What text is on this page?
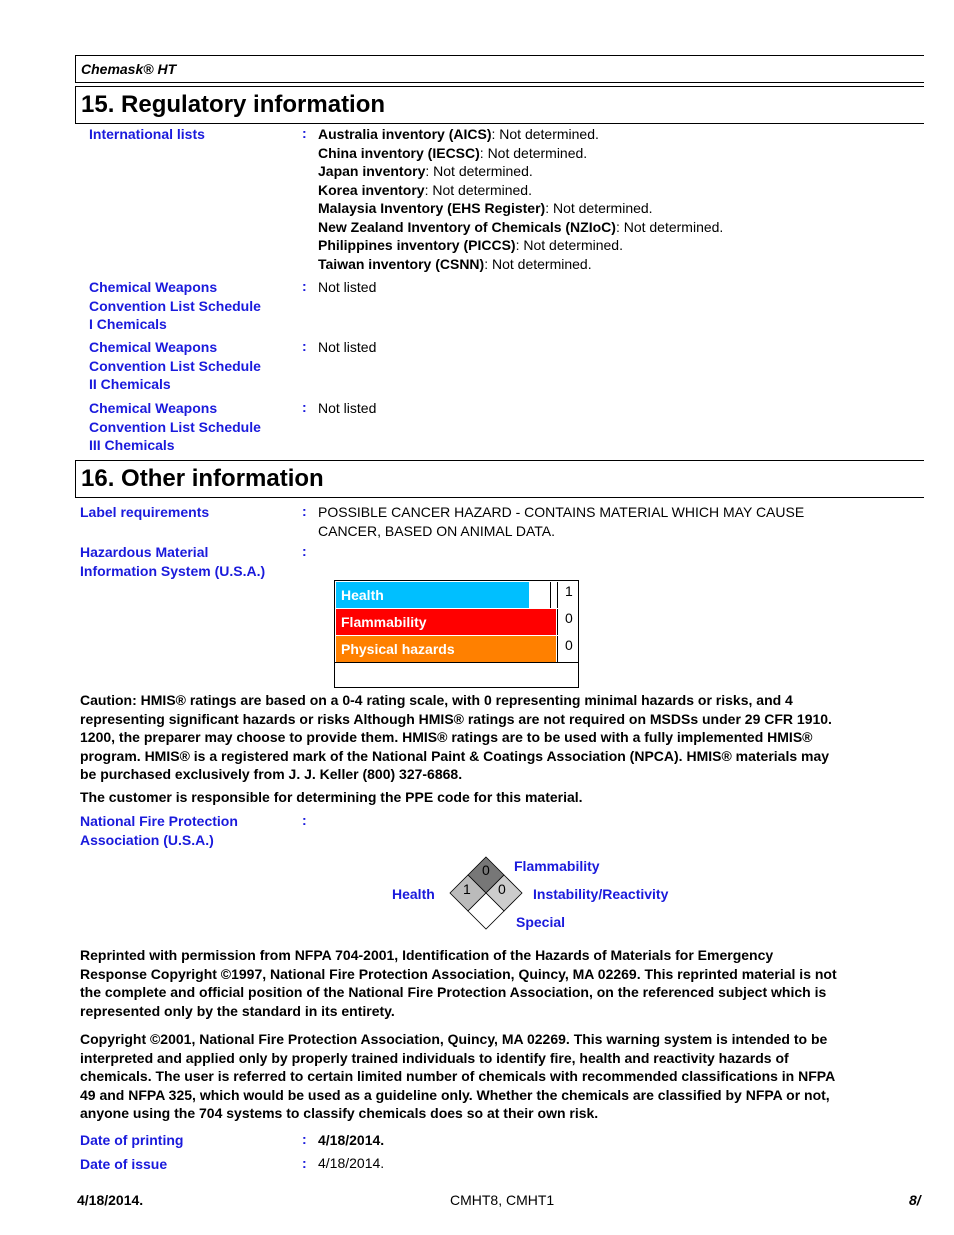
Chemask® HT
15. Regulatory information
International lists	: Australia inventory (AICS): Not determined.
China inventory (IECSC): Not determined.
Japan inventory: Not determined.
Korea inventory: Not determined.
Malaysia Inventory (EHS Register): Not determined.
New Zealand Inventory of Chemicals (NZIoC): Not determined.
Philippines inventory (PICCS): Not determined.
Taiwan inventory (CSNN): Not determined.
Chemical Weapons
Convention List Schedule
I Chemicals
: Not listed
Chemical Weapons
Convention List Schedule
II Chemicals
: Not listed
Chemical Weapons
Convention List Schedule
III Chemicals
: Not listed
16. Other information
Label requirements	: POSSIBLE CANCER HAZARD - CONTAINS MATERIAL WHICH MAY CAUSE
CANCER, BASED ON ANIMAL DATA.
Hazardous Material
Information System (U.S.A.)
:
Health	1
Flammability	0
Physical hazards	0
Caution: HMIS® ratings are based on a 0-4 rating scale, with 0 representing minimal hazards or risks, and 4
representing significant hazards or risks Although HMIS® ratings are not required on MSDSs under 29 CFR 1910.
1200, the preparer may choose to provide them. HMIS® ratings are to be used with a fully implemented HMIS®
program. HMIS® is a registered mark of the National Paint & Coatings Association (NPCA). HMIS® materials may
be purchased exclusively from J. J. Keller (800) 327-6868.
The customer is responsible for determining the PPE code for this material.
National Fire Protection
Association (U.S.A.)
:
Flammability
Health	Instability/Reactivity
Special
0
1 0
Reprinted with permission from NFPA 704-2001, Identification of the Hazards of Materials for Emergency
Response Copyright ©1997, National Fire Protection Association, Quincy, MA 02269. This reprinted material is not
the complete and official position of the National Fire Protection Association, on the referenced subject which is
represented only by the standard in its entirety.
Copyright ©2001, National Fire Protection Association, Quincy, MA 02269. This warning system is intended to be
interpreted and applied only by properly trained individuals to identify fire, health and reactivity hazards of
chemicals. The user is referred to certain limited number of chemicals with recommended classifications in NFPA
49 and NFPA 325, which would be used as a guideline only. Whether the chemicals are classified by NFPA or not,
anyone using the 704 systems to classify chemicals does so at their own risk.
Date of printing	: 4/18/2014.
Date of issue	: 4/18/2014.
4/18/2014.	CMHT8, CMHT1	8/
